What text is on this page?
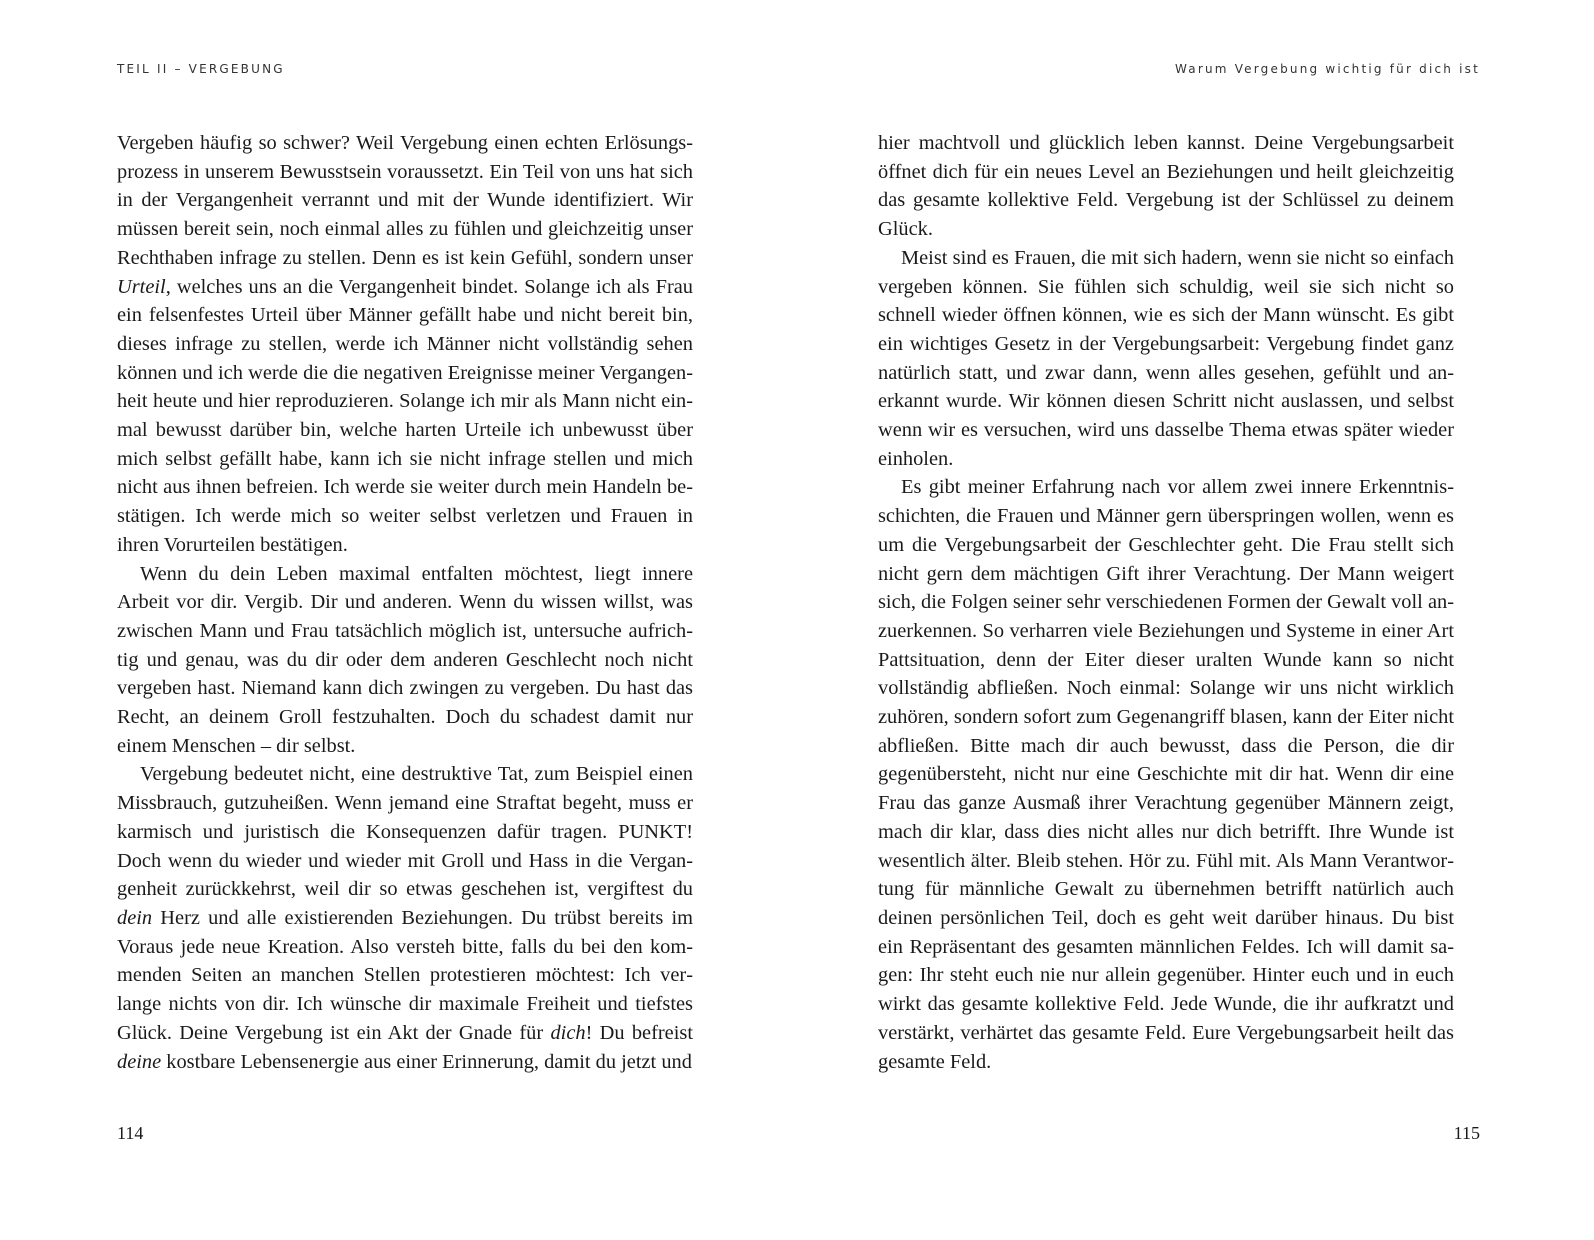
TEIL II – VERGEBUNG

Vergeben häufig so schwer? Weil Vergebung einen echten Erlösungsprozess in unserem Bewusstsein voraussetzt. Ein Teil von uns hat sich in der Vergangenheit verrannt und mit der Wunde identifiziert. Wir müssen bereit sein, noch einmal alles zu fühlen und gleichzeitig unser Rechthaben infrage zu stellen. Denn es ist kein Gefühl, sondern unser Urteil, welches uns an die Vergangenheit bindet. Solange ich als Frau ein felsenfestes Urteil über Männer gefällt habe und nicht bereit bin, dieses infrage zu stellen, werde ich Männer nicht vollständig sehen können und ich werde die die negativen Ereignisse meiner Vergangenheit heute und hier reproduzieren. Solange ich mir als Mann nicht einmal bewusst darüber bin, welche harten Urteile ich unbewusst über mich selbst gefällt habe, kann ich sie nicht infrage stellen und mich nicht aus ihnen befreien. Ich werde sie weiter durch mein Handeln bestätigen. Ich werde mich so weiter selbst verletzen und Frauen in ihren Vorurteilen bestätigen.

Wenn du dein Leben maximal entfalten möchtest, liegt innere Arbeit vor dir. Vergib. Dir und anderen. Wenn du wissen willst, was zwischen Mann und Frau tatsächlich möglich ist, untersuche aufrichtig und genau, was du dir oder dem anderen Geschlecht noch nicht vergeben hast. Niemand kann dich zwingen zu vergeben. Du hast das Recht, an deinem Groll festzuhalten. Doch du schadest damit nur einem Menschen – dir selbst.

Vergebung bedeutet nicht, eine destruktive Tat, zum Beispiel einen Missbrauch, gutzuheißen. Wenn jemand eine Straftat begeht, muss er karmisch und juristisch die Konsequenzen dafür tragen. PUNKT! Doch wenn du wieder und wieder mit Groll und Hass in die Vergangenheit zurückkehrst, weil dir so etwas geschehen ist, vergiftest du dein Herz und alle existierenden Beziehungen. Du trübst bereits im Voraus jede neue Kreation. Also versteh bitte, falls du bei den kommenden Seiten an manchen Stellen protestieren möchtest: Ich verlange nichts von dir. Ich wünsche dir maximale Freiheit und tiefstes Glück. Deine Vergebung ist ein Akt der Gnade für dich! Du befreist deine kostbare Lebensenergie aus einer Erinnerung, damit du jetzt und

114
Warum Vergebung wichtig für dich ist

hier machtvoll und glücklich leben kannst. Deine Vergebungsarbeit öffnet dich für ein neues Level an Beziehungen und heilt gleichzeitig das gesamte kollektive Feld. Vergebung ist der Schlüssel zu deinem Glück.

Meist sind es Frauen, die mit sich hadern, wenn sie nicht so einfach vergeben können. Sie fühlen sich schuldig, weil sie sich nicht so schnell wieder öffnen können, wie es sich der Mann wünscht. Es gibt ein wichtiges Gesetz in der Vergebungsarbeit: Vergebung findet ganz natürlich statt, und zwar dann, wenn alles gesehen, gefühlt und anerkannt wurde. Wir können diesen Schritt nicht auslassen, und selbst wenn wir es versuchen, wird uns dasselbe Thema etwas später wieder einholen.

Es gibt meiner Erfahrung nach vor allem zwei innere Erkenntnisschichten, die Frauen und Männer gern überspringen wollen, wenn es um die Vergebungsarbeit der Geschlechter geht. Die Frau stellt sich nicht gern dem mächtigen Gift ihrer Verachtung. Der Mann weigert sich, die Folgen seiner sehr verschiedenen Formen der Gewalt voll anzuerkennen. So verharren viele Beziehungen und Systeme in einer Art Pattsituation, denn der Eiter dieser uralten Wunde kann so nicht vollständig abfließen. Noch einmal: Solange wir uns nicht wirklich zuhören, sondern sofort zum Gegenangriff blasen, kann der Eiter nicht abfließen. Bitte mach dir auch bewusst, dass die Person, die dir gegenübersteht, nicht nur eine Geschichte mit dir hat. Wenn dir eine Frau das ganze Ausmaß ihrer Verachtung gegenüber Männern zeigt, mach dir klar, dass dies nicht alles nur dich betrifft. Ihre Wunde ist wesentlich älter. Bleib stehen. Hör zu. Fühl mit. Als Mann Verantwortung für männliche Gewalt zu übernehmen betrifft natürlich auch deinen persönlichen Teil, doch es geht weit darüber hinaus. Du bist ein Repräsentant des gesamten männlichen Feldes. Ich will damit sagen: Ihr steht euch nie nur allein gegenüber. Hinter euch und in euch wirkt das gesamte kollektive Feld. Jede Wunde, die ihr aufkratzt und verstärkt, verhärtet das gesamte Feld. Eure Vergebungsarbeit heilt das gesamte Feld.

115
